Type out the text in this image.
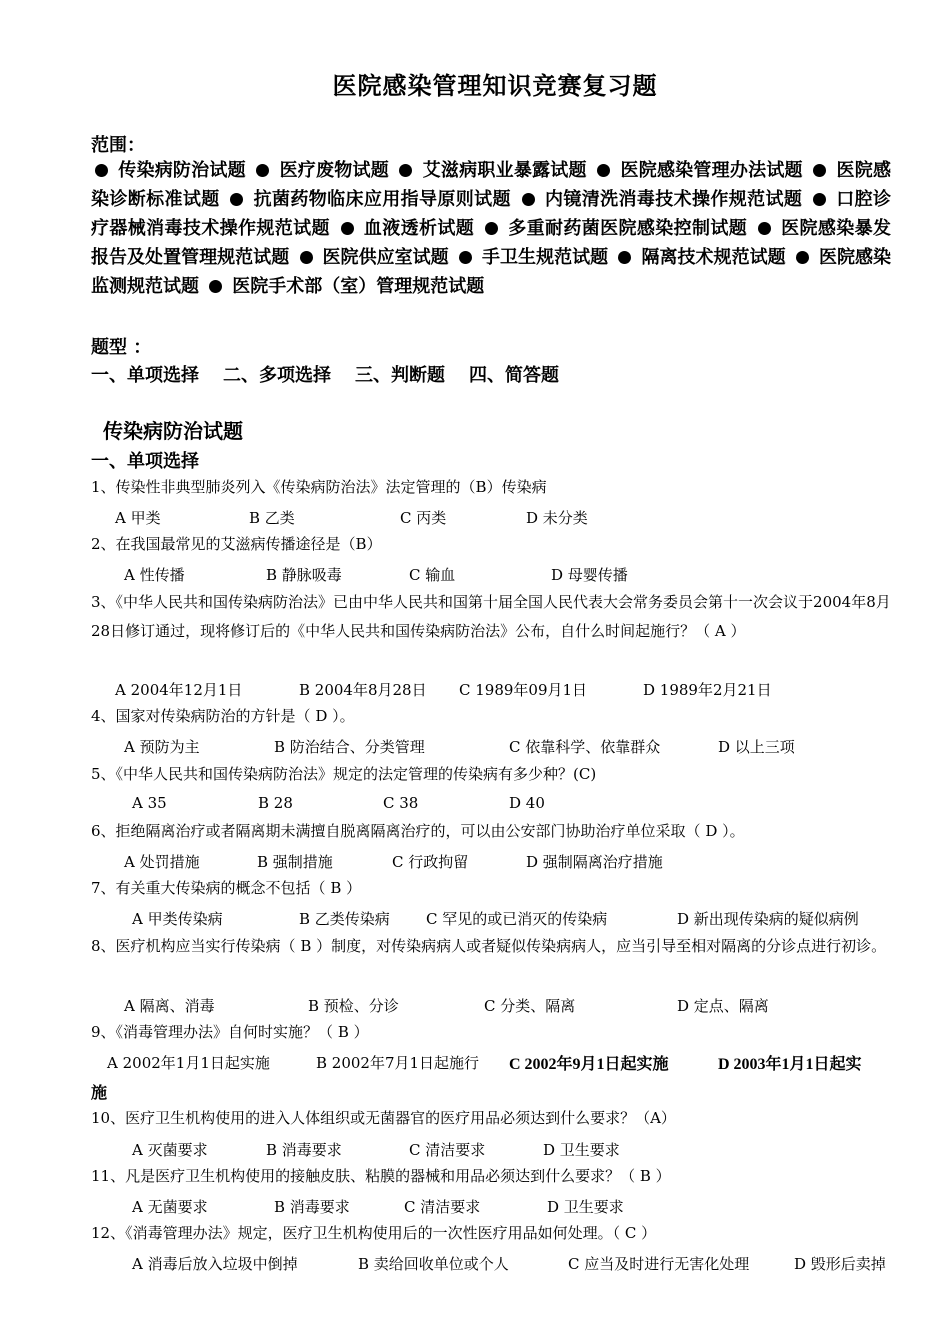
医院感染管理知识竞赛复习题
范围：
传染病防治试题 医疗废物试题 艾滋病职业暴露试题 医院感染管理办法试题 医院感染诊断标准试题 抗菌药物临床应用指导原则试题 内镜清洗消毒技术操作规范试题 口腔诊疗器械消毒技术操作规范试题 血液透析试题 多重耐药菌医院感染控制试题 医院感染暴发报告及处置管理规范试题 医院供应室试题 手卫生规范试题 隔离技术规范试题 医院感染监测规范试题 医院手术部（室）管理规范试题
题型 ：
一、单项选择 二、多项选择 三、判断题 四、简答题
传染病防治试题
一、单项选择
1、传染性非典型肺炎列入《传染病防治法》法定管理的（B）传染病
A 甲类	B 乙类	C 丙类	D 未分类
2、在我国最常见的艾滋病传播途径是（B）
A 性传播	B 静脉吸毒	C 输血	D 母婴传播
3、《中华人民共和国传染病防治法》已由中华人民共和国第十届全国人民代表大会常务委员会第十一次会议于2004年8月28日修订通过，现将修订后的《中华人民共和国传染病防治法》公布，自什么时间起施行？（ A ）
A 2004年12月1日	B 2004年8月28日 C 1989年09月1日	D 1989年2月21日
4、国家对传染病防治的方针是（ D ）。
A 预防为主	B 防治结合、分类管理	C 依靠科学、依靠群众	D 以上三项
5、《中华人民共和国传染病防治法》规定的法定管理的传染病有多少种？(C)
A 35	B 28	C 38	D 40
6、拒绝隔离治疗或者隔离期未满擅自脱离隔离治疗的，可以由公安部门协助治疗单位采取（ D ）。
A 处罚措施	B 强制措施	C 行政拘留	D 强制隔离治疗措施
7、有关重大传染病的概念不包括（ B ）
A 甲类传染病	B 乙类传染病 C 罕见的或已消灭的传染病	D 新出现传染病的疑似病例
8、医疗机构应当实行传染病（ B ）制度，对传染病病人或者疑似传染病病人，应当引导至相对隔离的分诊点进行初诊。
A 隔离、消毒	B 预检、分诊	C 分类、隔离	D 定点、隔离
9、《消毒管理办法》自何时实施？（ B ）
A 2002年1月1日起实施	B 2002年7月1日起施行 C 2002年9月1日起实施	D 2003年1月1日起实
施
10、医疗卫生机构使用的进入人体组织或无菌器官的医疗用品必须达到什么要求？（A）
A 灭菌要求	B 消毒要求	C 清洁要求	D 卫生要求
11、凡是医疗卫生机构使用的接触皮肤、粘膜的器械和用品必须达到什么要求？（ B ）
A 无菌要求	B 消毒要求	C 清洁要求	D 卫生要求
12、《消毒管理办法》规定，医疗卫生机构使用后的一次性医疗用品如何处理。（ C ）
A 消毒后放入垃圾中倒掉	B 卖给回收单位或个人	C 应当及时进行无害化处理	D 毁形后卖掉
